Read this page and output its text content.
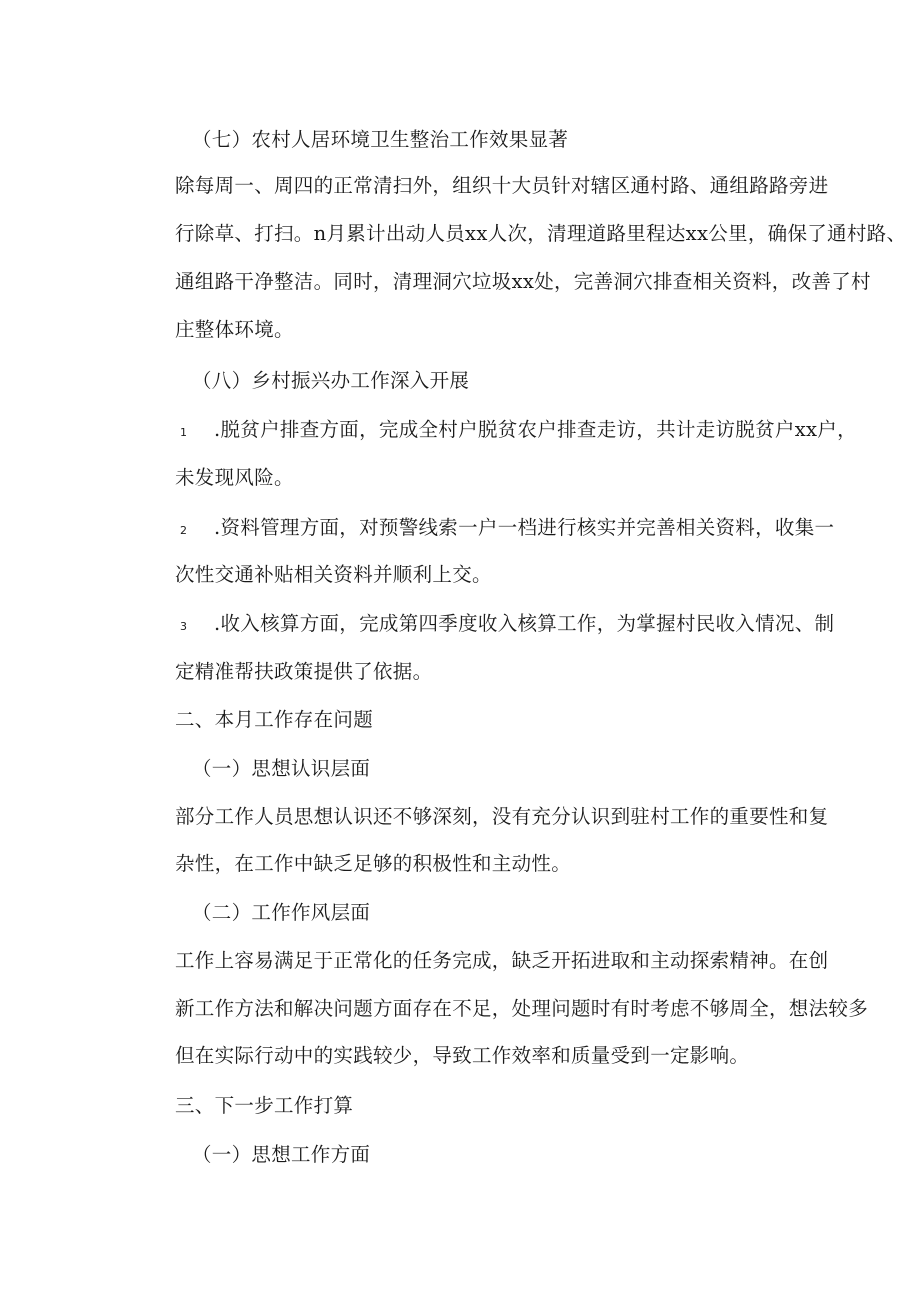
（七）农村人居环境卫生整治工作效果显著
除每周一、周四的正常清扫外，组织十大员针对辖区通村路、通组路路旁进
行除草、打扫。n月累计出动人员xx人次，清理道路里程达xx公里，确保了通村路、
通组路干净整洁。同时，清理洞穴垃圾xx处，完善洞穴排查相关资料，改善了村
庄整体环境。
（八）乡村振兴办工作深入开展
1 .脱贫户排查方面，完成全村户脱贫农户排查走访，共计走访脱贫户xx户，
未发现风险。
2 .资料管理方面，对预警线索一户一档进行核实并完善相关资料，收集一
次性交通补贴相关资料并顺利上交。
3 .收入核算方面，完成第四季度收入核算工作，为掌握村民收入情况、制
定精准帮扶政策提供了依据。
二、本月工作存在问题
（一）思想认识层面
部分工作人员思想认识还不够深刻，没有充分认识到驻村工作的重要性和复
杂性，在工作中缺乏足够的积极性和主动性。
（二）工作作风层面
工作上容易满足于正常化的任务完成，缺乏开拓进取和主动探索精神。在创
新工作方法和解决问题方面存在不足，处理问题时有时考虑不够周全，想法较多
但在实际行动中的实践较少，导致工作效率和质量受到一定影响。
三、下一步工作打算
（一）思想工作方面
